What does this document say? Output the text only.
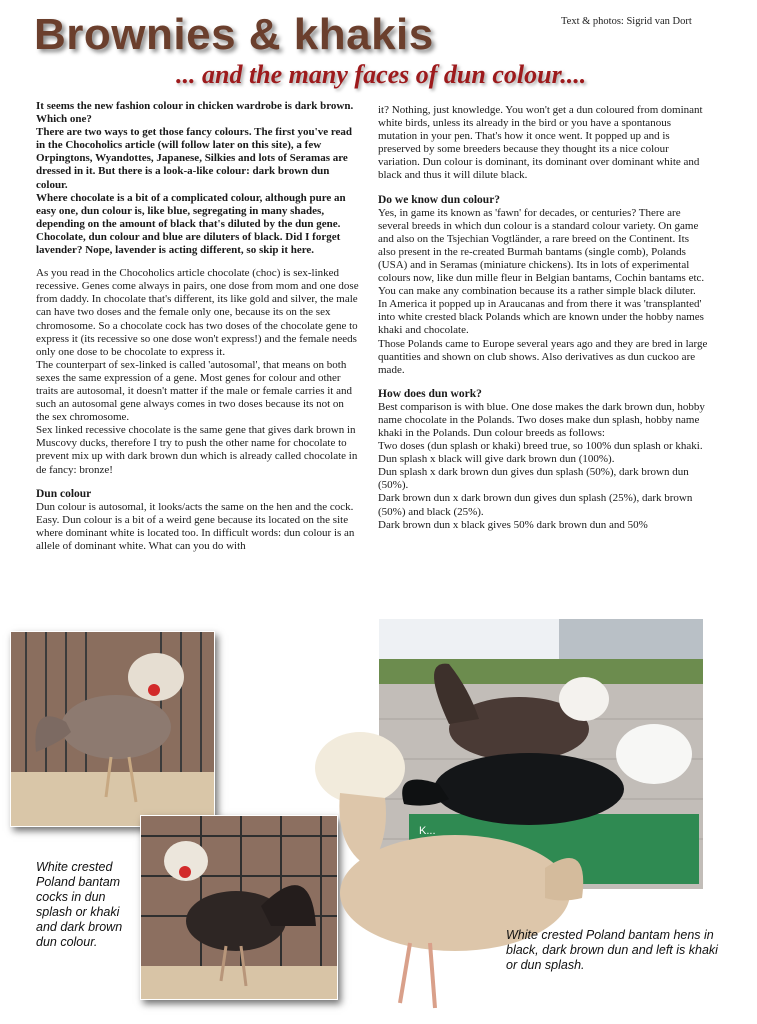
Text & photos: Sigrid van Dort
Brownies & khakis
... and the many faces of dun colour....

It seems the new fashion colour in chicken wardrobe is dark brown. Which one?

There are two ways to get those fancy colours. The first you've read in the Chocoholics article (will follow later on this site), a few Orpingtons, Wyandottes, Japanese, Silkies and lots of Seramas are dressed in it. But there is a look-a-like colour: dark brown dun colour.

Where chocolate is a bit of a complicated colour, although pure an easy one, dun colour is, like blue, segregating in many shades, depending on the amount of black that's diluted by the dun gene.

Chocolate, dun colour and blue are diluters of black. Did I forget lavender? Nope, lavender is acting different, so skip it here.

As you read in the Chocoholics article chocolate (choc) is sex-linked recessive. Genes come always in pairs, one dose from mom and one dose from daddy. In chocolate that's different, its like gold and silver, the male can have two doses and the female only one, because its on the sex chromosome. So a chocolate cock has two doses of the chocolate gene to express it (its recessive so one dose won't express!) and the female needs only one dose to be chocolate to express it.

The counterpart of sex-linked is called 'autosomal', that means on both sexes the same expression of a gene. Most genes for colour and other traits are autosomal, it doesn't matter if the male or female carries it and such an autosomal gene always comes in two doses because its not on the sex chromosome.

Sex linked recessive chocolate is the same gene that gives dark brown in Muscovy ducks, therefore I try to push the other name for chocolate to prevent mix up with dark brown dun which is already called chocolate in de fancy: bronze!

Dun colour

Dun colour is autosomal, it looks/acts the same on the hen and the cock. Easy. Dun colour is a bit of a weird gene because its located on the site where dominant white is located too. In difficult words: dun colour is an allele of dominant white. What can you do with

it? Nothing, just knowledge. You won't get a dun coloured from dominant white birds, unless its already in the bird or you have a spontanous mutation in your pen. That's how it once went. It popped up and is preserved by some breeders because they thought its a nice colour variation. Dun colour is dominant, its dominant over dominant white and black and thus it will dilute black.

Do we know dun colour?

Yes, in game its known as 'fawn' for decades, or centuries? There are several breeds in which dun colour is a standard colour variety. On game and also on the Tsjechian Vogtländer, a rare breed on the Continent. Its also present in the re-created Burmah bantams (single comb), Polands (USA) and in Seramas (miniature chickens). Its in lots of experimental colours now, like dun mille fleur in Belgian bantams, Cochin bantams etc. You can make any combination because its a rather simple black diluter.

In America it popped up in Araucanas and from there it was 'transplanted' into white crested black Polands which are known under the hobby names khaki and chocolate.

Those Polands came to Europe several years ago and they are bred in large quantities and shown on club shows. Also derivatives as dun cuckoo are made.

How does dun work?

Best comparison is with blue. One dose makes the dark brown dun, hobby name chocolate in the Polands. Two doses make dun splash, hobby name khaki in the Polands. Dun colour breeds as follows:

Two doses (dun splash or khaki) breed true, so 100% dun splash or khaki.

Dun splash x black will give dark brown dun (100%).

Dun splash x dark brown dun gives dun splash (50%), dark brown dun (50%).

Dark brown dun x dark brown dun gives dun splash (25%), dark brown (50%) and black (25%).

Dark brown dun x black gives 50% dark brown dun and 50%

K...
White crested Poland bantam cocks in dun splash or khaki and dark brown dun colour.	White crested Poland bantam hens in black, dark brown dun and left is khaki or dun splash.
